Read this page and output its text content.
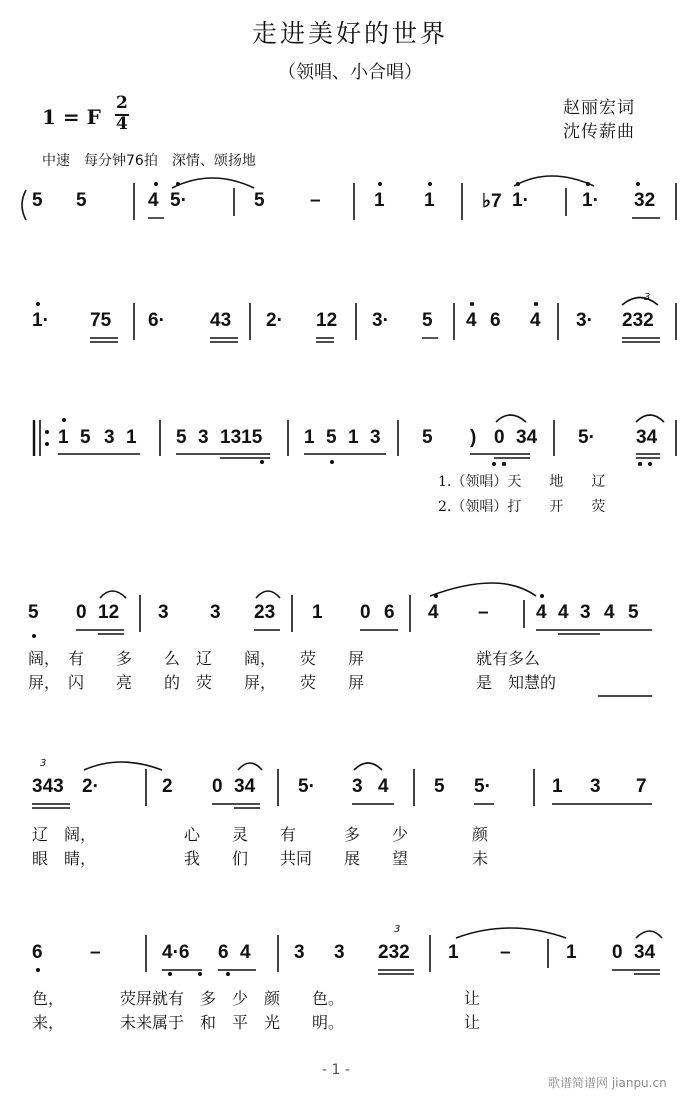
走进美好的世界
（领唱、小合唱）
赵丽宏词
沈传薪曲
1 = F
2
4
中速　每分钟76拍　深情、颂扬地
5 5	4 5·	5 –	1 1 ♭7 1·	1· 32
1· 75 6· 43 2· 12 3· 5 4 6 4 3· 232
1 5 3 1 5 3 1315 1 5 1 3 5 ) 0 34 5· 34
1.（领唱）天　　地　　辽
2.（领唱）打　　开　　荧
5 0 12 3 3 23 1 0 6 4 – 4 4 3 4 5
阔，　有　　多　　么　辽　　阔，　　荧　　屏　　　　　　　就有多么
屏，　闪　　亮　　的　荧　　屏，　　荧　　屏　　　　　　　是　知慧的
343 2·	2 0 34 5· 3 4 5 5·	1 3 7
辽　阔，　　　　　　心　　灵　　有　　　多　　少　　　　颜
眼　睛，　　　　　　我　　们　　共同　　展　　望　　　　未
6 –	4·6 6 4 3 3 232 1 –	1 0 34
色，　　　　荧屏就有　多　少　颜　　色。　　　　　　　　让
来，　　　　未来属于　和　平　光　　明。　　　　　　　　让
- 1 -
歌谱简谱网 jianpu.cn
3
3
3
